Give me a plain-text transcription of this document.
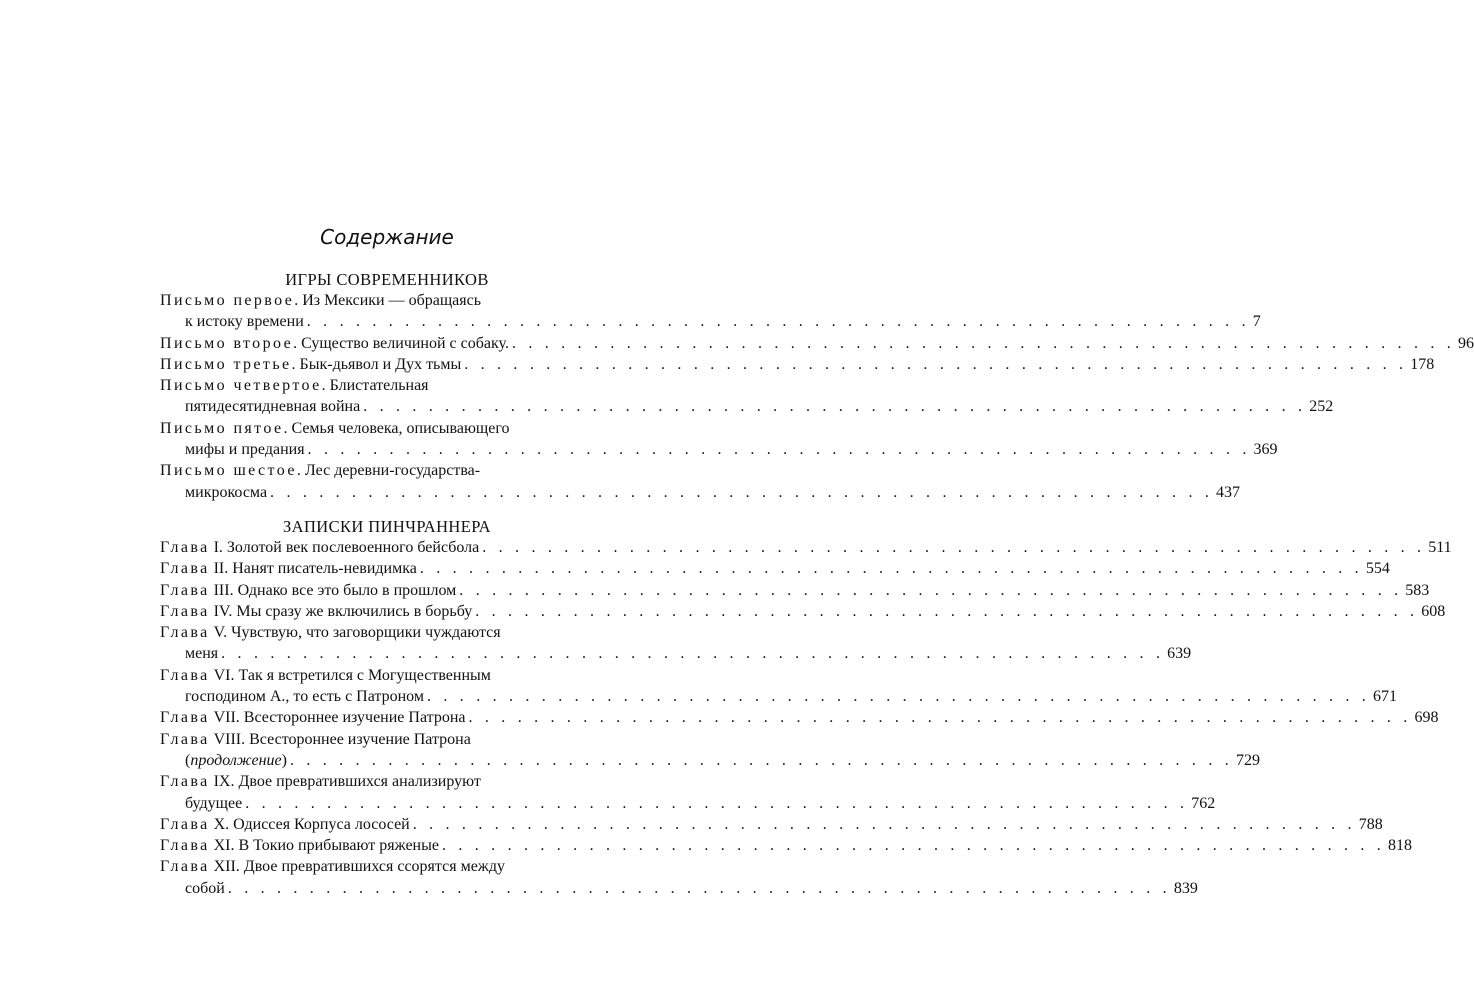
Содержание
ИГРЫ СОВРЕМЕННИКОВ
Письмо первое. Из Мексики — обращаясь
к истоку времени . . . . . . . . . . . . . . . . . . . . . . . . . . . . . . . . . . . . . . . . . . . . . . . . . . . . . . . . . . 7
Письмо второе. Существо величиной с собаку. . . . . . . . . . . . . . . . . . . . . . . . . . . . . . . . . . . . . . . . . . . . . . . . . . . . . . . . . . . 96
Письмо третье. Бык-дьявол и Дух тьмы . . . . . . . . . . . . . . . . . . . . . . . . . . . . . . . . . . . . . . . . . . . . . . . . . . . . . . . . . . 178
Письмо четвертое. Блистательная
пятидесятидневная война . . . . . . . . . . . . . . . . . . . . . . . . . . . . . . . . . . . . . . . . . . . . . . . . . . . . . . . . . . 252
Письмо пятое. Семья человека, описывающего
мифы и предания . . . . . . . . . . . . . . . . . . . . . . . . . . . . . . . . . . . . . . . . . . . . . . . . . . . . . . . . . . 369
Письмо шестое. Лес деревни-государства-
микрокосма . . . . . . . . . . . . . . . . . . . . . . . . . . . . . . . . . . . . . . . . . . . . . . . . . . . . . . . . . . 437
ЗАПИСКИ ПИНЧРАННЕРА
Глава I. Золотой век послевоенного бейсбола . . . . . . . . . . . . . . . . . . . . . . . . . . . . . . . . . . . . . . . . . . . . . . . . . . . . . . . . . . 511
Глава II. Нанят писатель-невидимка . . . . . . . . . . . . . . . . . . . . . . . . . . . . . . . . . . . . . . . . . . . . . . . . . . . . . . . . . . 554
Глава III. Однако все это было в прошлом . . . . . . . . . . . . . . . . . . . . . . . . . . . . . . . . . . . . . . . . . . . . . . . . . . . . . . . . . . 583
Глава IV. Мы сразу же включились в борьбу . . . . . . . . . . . . . . . . . . . . . . . . . . . . . . . . . . . . . . . . . . . . . . . . . . . . . . . . . . 608
Глава V. Чувствую, что заговорщики чуждаются
меня . . . . . . . . . . . . . . . . . . . . . . . . . . . . . . . . . . . . . . . . . . . . . . . . . . . . . . . . . . 639
Глава VI. Так я встретился с Могущественным
господином А., то есть с Патроном . . . . . . . . . . . . . . . . . . . . . . . . . . . . . . . . . . . . . . . . . . . . . . . . . . . . . . . . . . 671
Глава VII. Всестороннее изучение Патрона . . . . . . . . . . . . . . . . . . . . . . . . . . . . . . . . . . . . . . . . . . . . . . . . . . . . . . . . . . 698
Глава VIII. Всестороннее изучение Патрона
(продолжение) . . . . . . . . . . . . . . . . . . . . . . . . . . . . . . . . . . . . . . . . . . . . . . . . . . . . . . . . . . 729
Глава IX. Двое превратившихся анализируют
будущее . . . . . . . . . . . . . . . . . . . . . . . . . . . . . . . . . . . . . . . . . . . . . . . . . . . . . . . . . . 762
Глава X. Одиссея Корпуса лососей . . . . . . . . . . . . . . . . . . . . . . . . . . . . . . . . . . . . . . . . . . . . . . . . . . . . . . . . . . 788
Глава XI. В Токио прибывают ряженые . . . . . . . . . . . . . . . . . . . . . . . . . . . . . . . . . . . . . . . . . . . . . . . . . . . . . . . . . . 818
Глава XII. Двое превратившихся ссорятся между
собой . . . . . . . . . . . . . . . . . . . . . . . . . . . . . . . . . . . . . . . . . . . . . . . . . . . . . . . . . . 839
